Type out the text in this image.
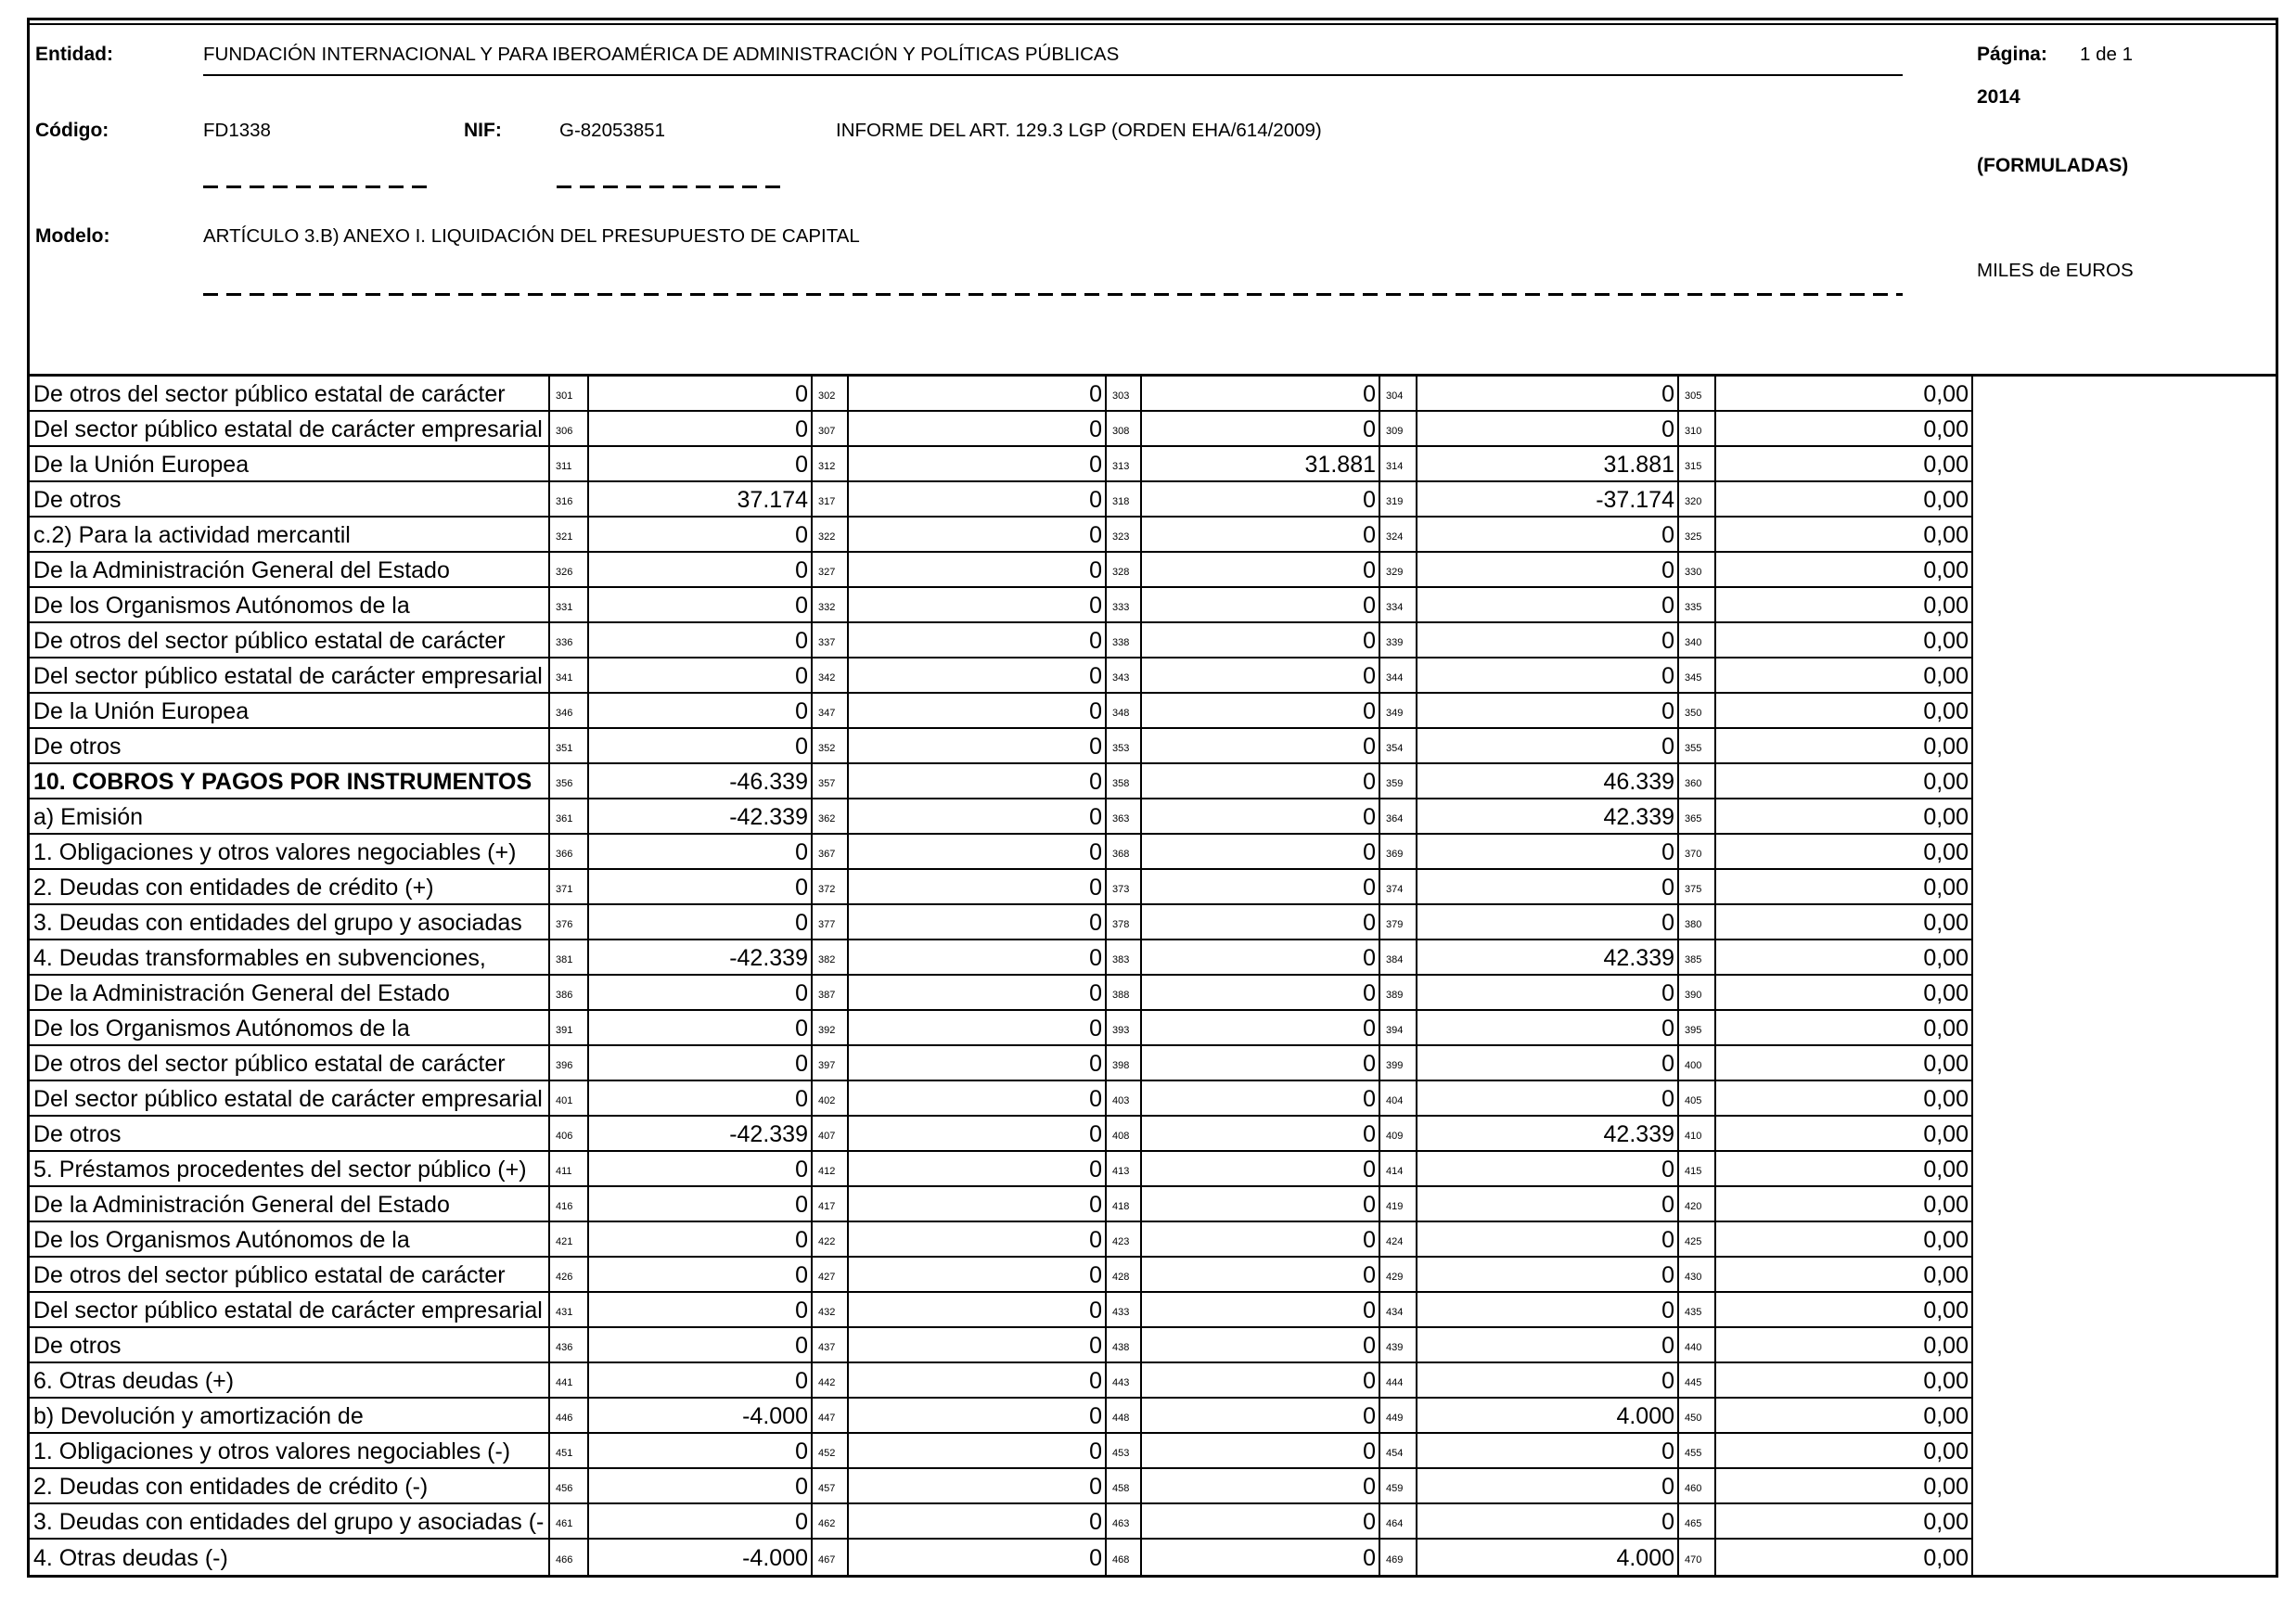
Entidad:	FUNDACIÓN INTERNACIONAL Y PARA IBEROAMÉRICA DE ADMINISTRACIÓN Y POLÍTICAS PÚBLICAS	Página: 1 de 1
2014
Código:	FD1338	NIF:	G-82053851	INFORME DEL ART. 129.3 LGP (ORDEN EHA/614/2009)
(FORMULADAS)
Modelo:	ARTÍCULO 3.B) ANEXO I. LIQUIDACIÓN DEL PRESUPUESTO DE CAPITAL
MILES de EUROS
De otros del sector público estatal de carácter	301	0	302	0	303	0	304	0	305	0,00
Del sector público estatal de carácter empresarial	306	0	307	0	308	0	309	0	310	0,00
De la Unión Europea	311	0	312	0	313	31.881	314	31.881	315	0,00
De otros	316	37.174	317	0	318	0	319	-37.174	320	0,00
c.2) Para la actividad mercantil	321	0	322	0	323	0	324	0	325	0,00
De la Administración General del Estado	326	0	327	0	328	0	329	0	330	0,00
De los Organismos Autónomos de la	331	0	332	0	333	0	334	0	335	0,00
De otros del sector público estatal de carácter	336	0	337	0	338	0	339	0	340	0,00
Del sector público estatal de carácter empresarial	341	0	342	0	343	0	344	0	345	0,00
De la Unión Europea	346	0	347	0	348	0	349	0	350	0,00
De otros	351	0	352	0	353	0	354	0	355	0,00
10. COBROS Y PAGOS POR INSTRUMENTOS	356	-46.339	357	0	358	0	359	46.339	360	0,00
a) Emisión	361	-42.339	362	0	363	0	364	42.339	365	0,00
1. Obligaciones y otros valores negociables (+)	366	0	367	0	368	0	369	0	370	0,00
2. Deudas con entidades de crédito (+)	371	0	372	0	373	0	374	0	375	0,00
3. Deudas con entidades del grupo y asociadas	376	0	377	0	378	0	379	0	380	0,00
4. Deudas transformables en subvenciones,	381	-42.339	382	0	383	0	384	42.339	385	0,00
De la Administración General del Estado	386	0	387	0	388	0	389	0	390	0,00
De los Organismos Autónomos de la	391	0	392	0	393	0	394	0	395	0,00
De otros del sector público estatal de carácter	396	0	397	0	398	0	399	0	400	0,00
Del sector público estatal de carácter empresarial	401	0	402	0	403	0	404	0	405	0,00
De otros	406	-42.339	407	0	408	0	409	42.339	410	0,00
5. Préstamos procedentes del sector público (+)	411	0	412	0	413	0	414	0	415	0,00
De la Administración General del Estado	416	0	417	0	418	0	419	0	420	0,00
De los Organismos Autónomos de la	421	0	422	0	423	0	424	0	425	0,00
De otros del sector público estatal de carácter	426	0	427	0	428	0	429	0	430	0,00
Del sector público estatal de carácter empresarial	431	0	432	0	433	0	434	0	435	0,00
De otros	436	0	437	0	438	0	439	0	440	0,00
6. Otras deudas (+)	441	0	442	0	443	0	444	0	445	0,00
b) Devolución y amortización de	446	-4.000	447	0	448	0	449	4.000	450	0,00
1. Obligaciones y otros valores negociables (-)	451	0	452	0	453	0	454	0	455	0,00
2. Deudas con entidades de crédito (-)	456	0	457	0	458	0	459	0	460	0,00
3. Deudas con entidades del grupo y asociadas (-	461	0	462	0	463	0	464	0	465	0,00
4. Otras deudas (-)	466	-4.000	467	0	468	0	469	4.000	470	0,00
